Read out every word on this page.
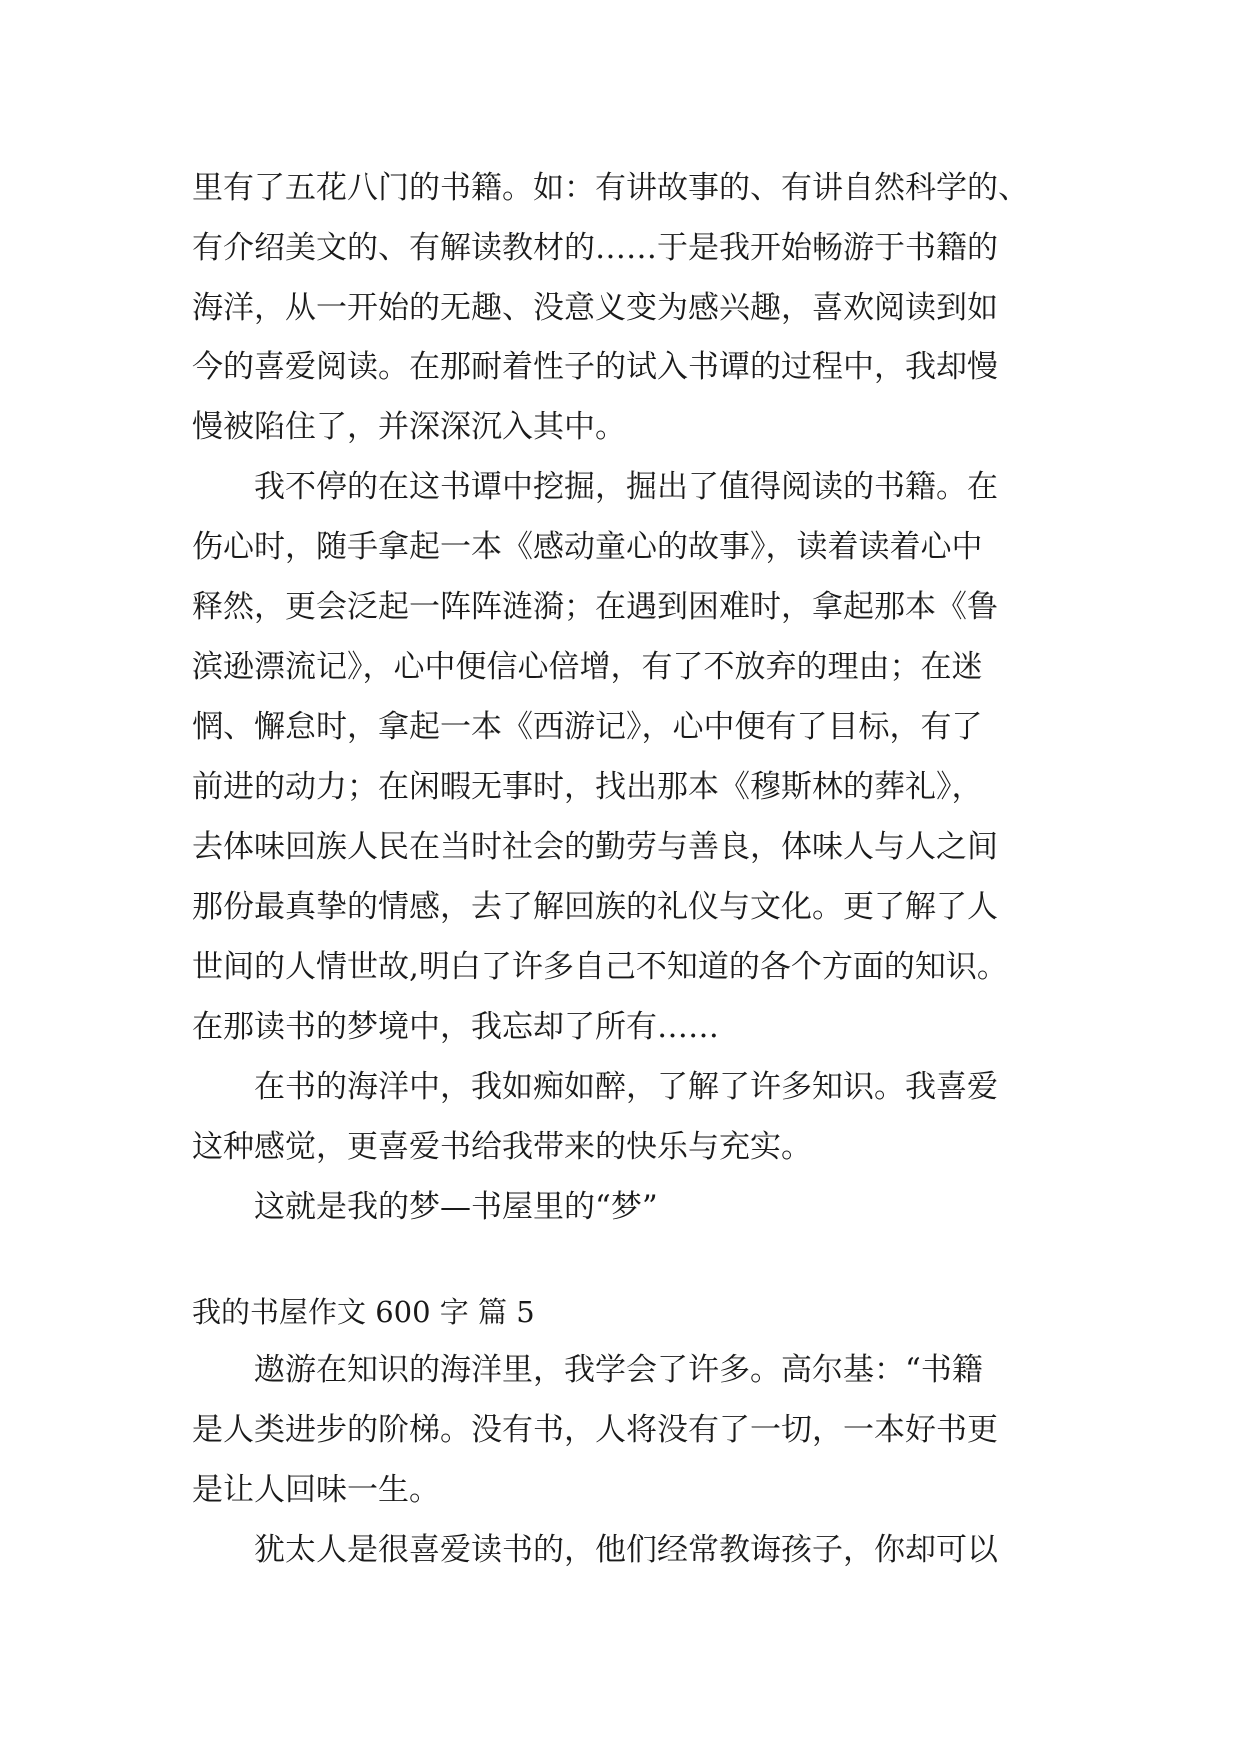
里有了五花八门的书籍。如：有讲故事的、有讲自然科学的、
有介绍美文的、有解读教材的……于是我开始畅游于书籍的
海洋，从一开始的无趣、没意义变为感兴趣，喜欢阅读到如
今的喜爱阅读。在那耐着性子的试入书谭的过程中，我却慢
慢被陷住了，并深深沉入其中。
我不停的在这书谭中挖掘，掘出了值得阅读的书籍。在
伤心时，随手拿起一本《感动童心的故事》，读着读着心中
释然，更会泛起一阵阵涟漪；在遇到困难时，拿起那本《鲁
滨逊漂流记》，心中便信心倍增，有了不放弃的理由；在迷
惘、懈怠时，拿起一本《西游记》，心中便有了目标，有了
前进的动力；在闲暇无事时，找出那本《穆斯林的葬礼》，
去体味回族人民在当时社会的勤劳与善良，体味人与人之间
那份最真挚的情感，去了解回族的礼仪与文化。更了解了人
世间的人情世故,明白了许多自己不知道的各个方面的知识。
在那读书的梦境中，我忘却了所有……
在书的海洋中，我如痴如醉，了解了许多知识。我喜爱
这种感觉，更喜爱书给我带来的快乐与充实。
这就是我的梦—书屋里的“梦”
我的书屋作文 600 字 篇 5
遨游在知识的海洋里，我学会了许多。高尔基：“书籍
是人类进步的阶梯。没有书，人将没有了一切，一本好书更
是让人回味一生。
犹太人是很喜爱读书的，他们经常教诲孩子，你却可以
